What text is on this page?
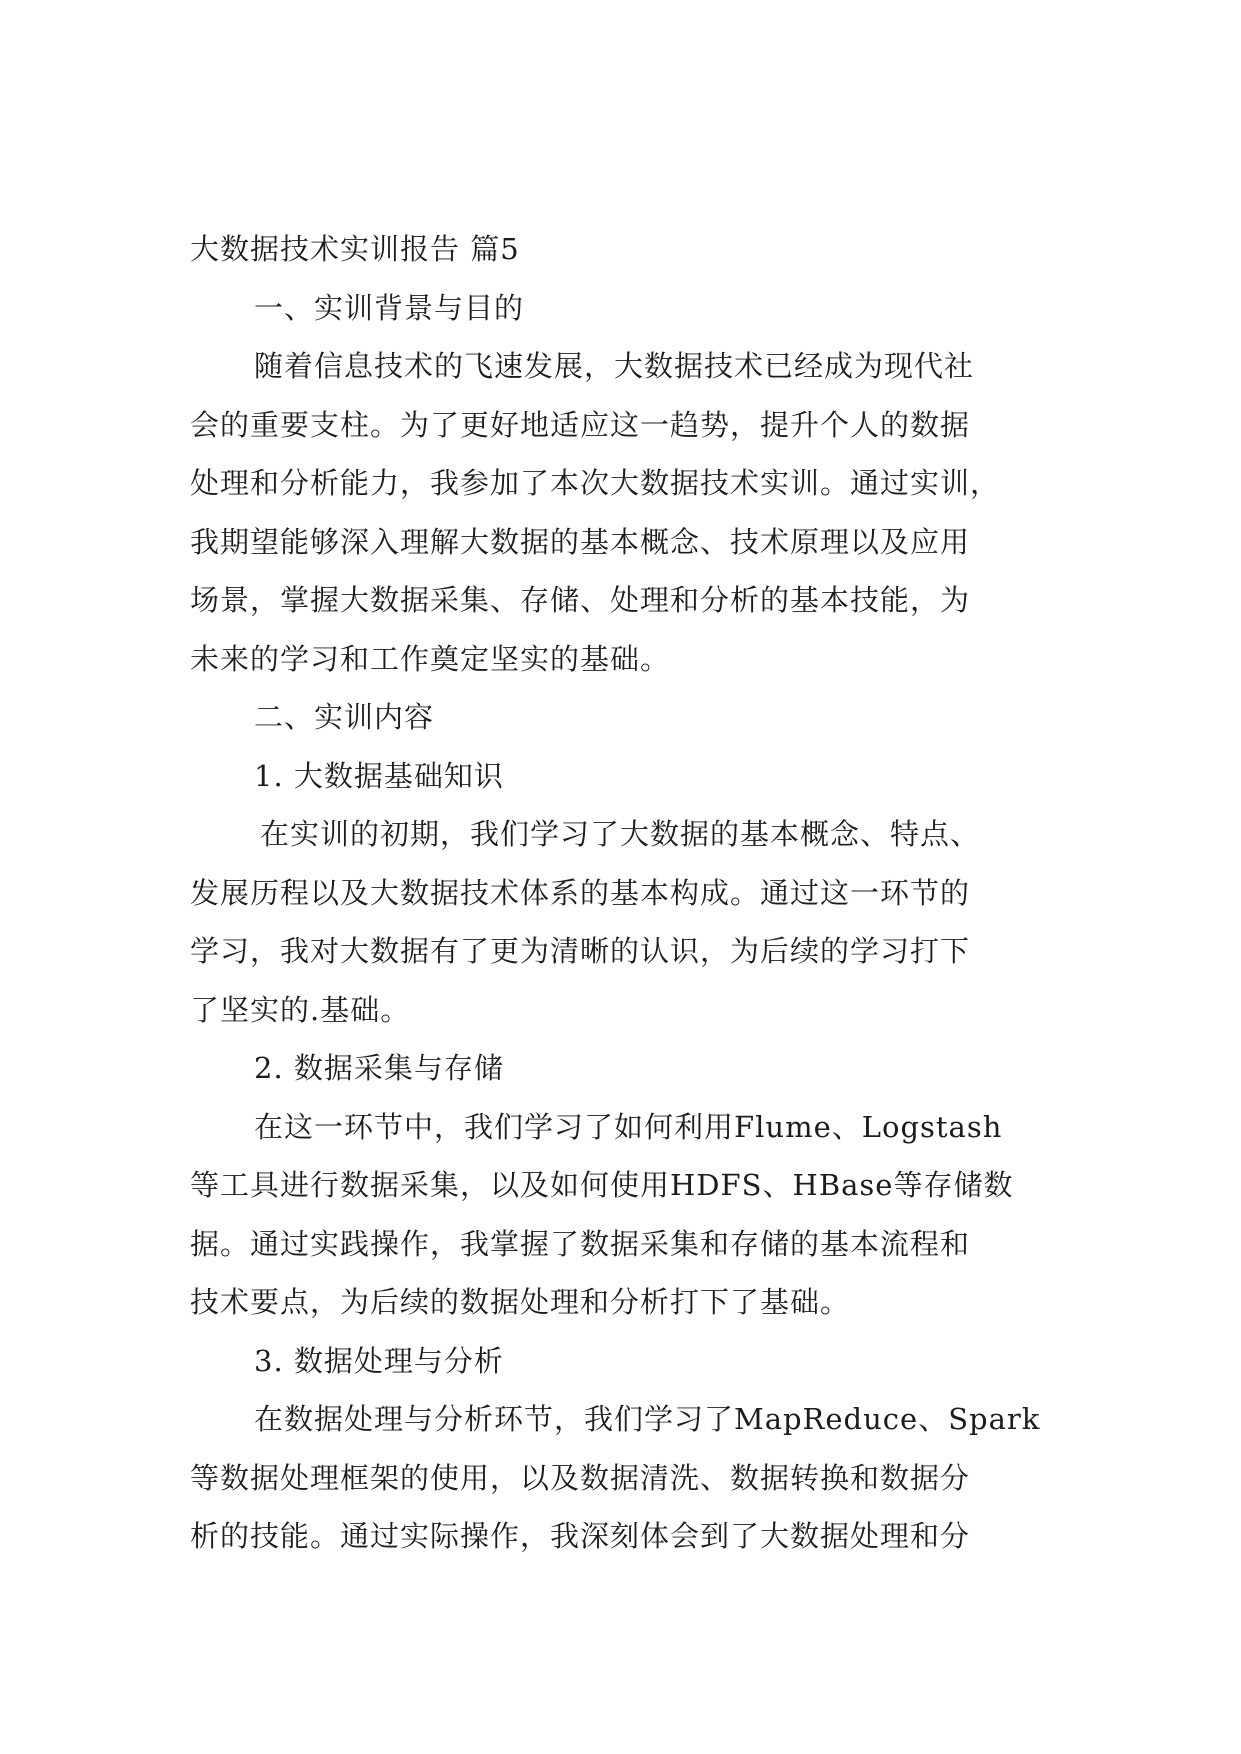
大数据技术实训报告 篇5
一、实训背景与目的
随着信息技术的飞速发展，大数据技术已经成为现代社
会的重要支柱。为了更好地适应这一趋势，提升个人的数据
处理和分析能力，我参加了本次大数据技术实训。通过实训，
我期望能够深入理解大数据的基本概念、技术原理以及应用
场景，掌握大数据采集、存储、处理和分析的基本技能，为
未来的学习和工作奠定坚实的基础。
二、实训内容
1. 大数据基础知识
在实训的初期，我们学习了大数据的基本概念、特点、
发展历程以及大数据技术体系的基本构成。通过这一环节的
学习，我对大数据有了更为清晰的认识，为后续的学习打下
了坚实的.基础。
2. 数据采集与存储
在这一环节中，我们学习了如何利用Flume、Logstash
等工具进行数据采集，以及如何使用HDFS、HBase等存储数
据。通过实践操作，我掌握了数据采集和存储的基本流程和
技术要点，为后续的数据处理和分析打下了基础。
3. 数据处理与分析
在数据处理与分析环节，我们学习了MapReduce、Spark
等数据处理框架的使用，以及数据清洗、数据转换和数据分
析的技能。通过实际操作，我深刻体会到了大数据处理和分
